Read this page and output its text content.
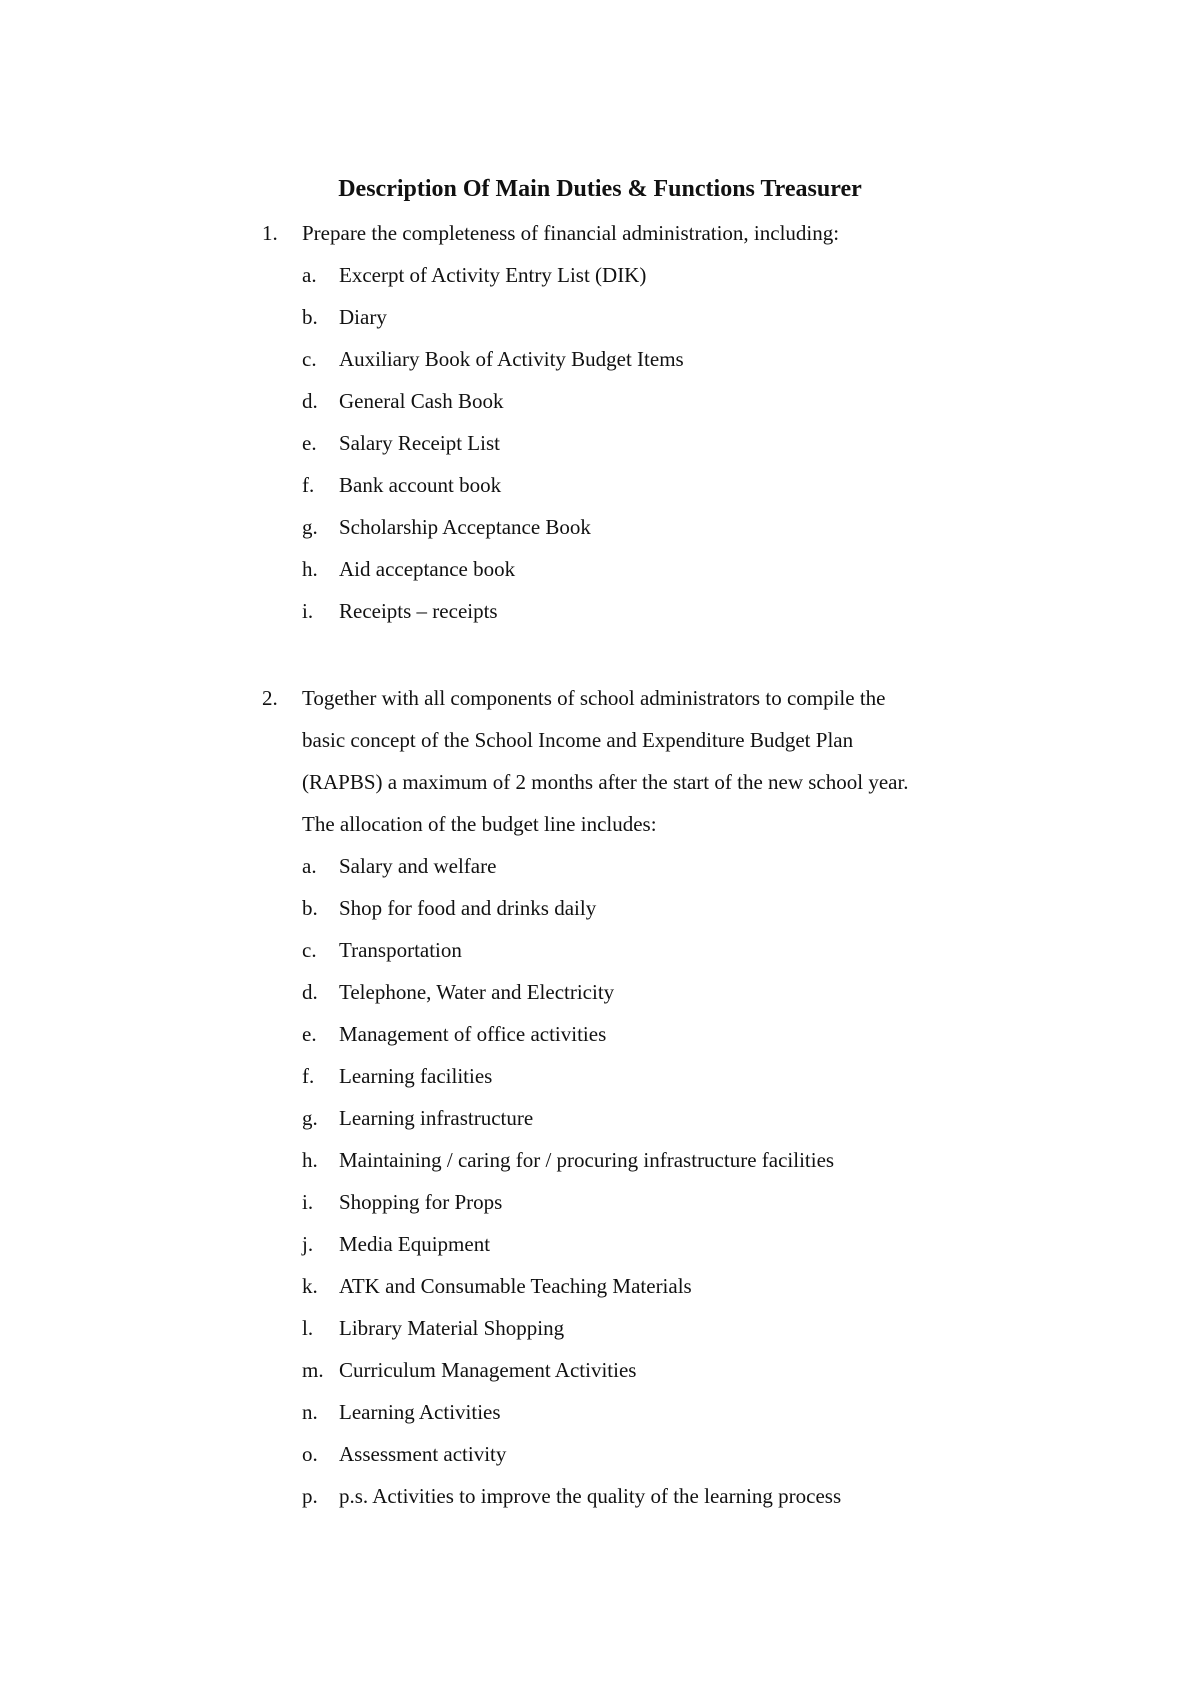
Description Of Main Duties & Functions Treasurer
1. Prepare the completeness of financial administration, including:
a. Excerpt of Activity Entry List (DIK)
b. Diary
c. Auxiliary Book of Activity Budget Items
d. General Cash Book
e. Salary Receipt List
f. Bank account book
g. Scholarship Acceptance Book
h. Aid acceptance book
i. Receipts – receipts
2. Together with all components of school administrators to compile the
basic concept of the School Income and Expenditure Budget Plan
(RAPBS) a maximum of 2 months after the start of the new school year.
The allocation of the budget line includes:
a. Salary and welfare
b. Shop for food and drinks daily
c. Transportation
d. Telephone, Water and Electricity
e. Management of office activities
f. Learning facilities
g. Learning infrastructure
h. Maintaining / caring for / procuring infrastructure facilities
i. Shopping for Props
j. Media Equipment
k. ATK and Consumable Teaching Materials
l. Library Material Shopping
m. Curriculum Management Activities
n. Learning Activities
o. Assessment activity
p. p.s. Activities to improve the quality of the learning process
